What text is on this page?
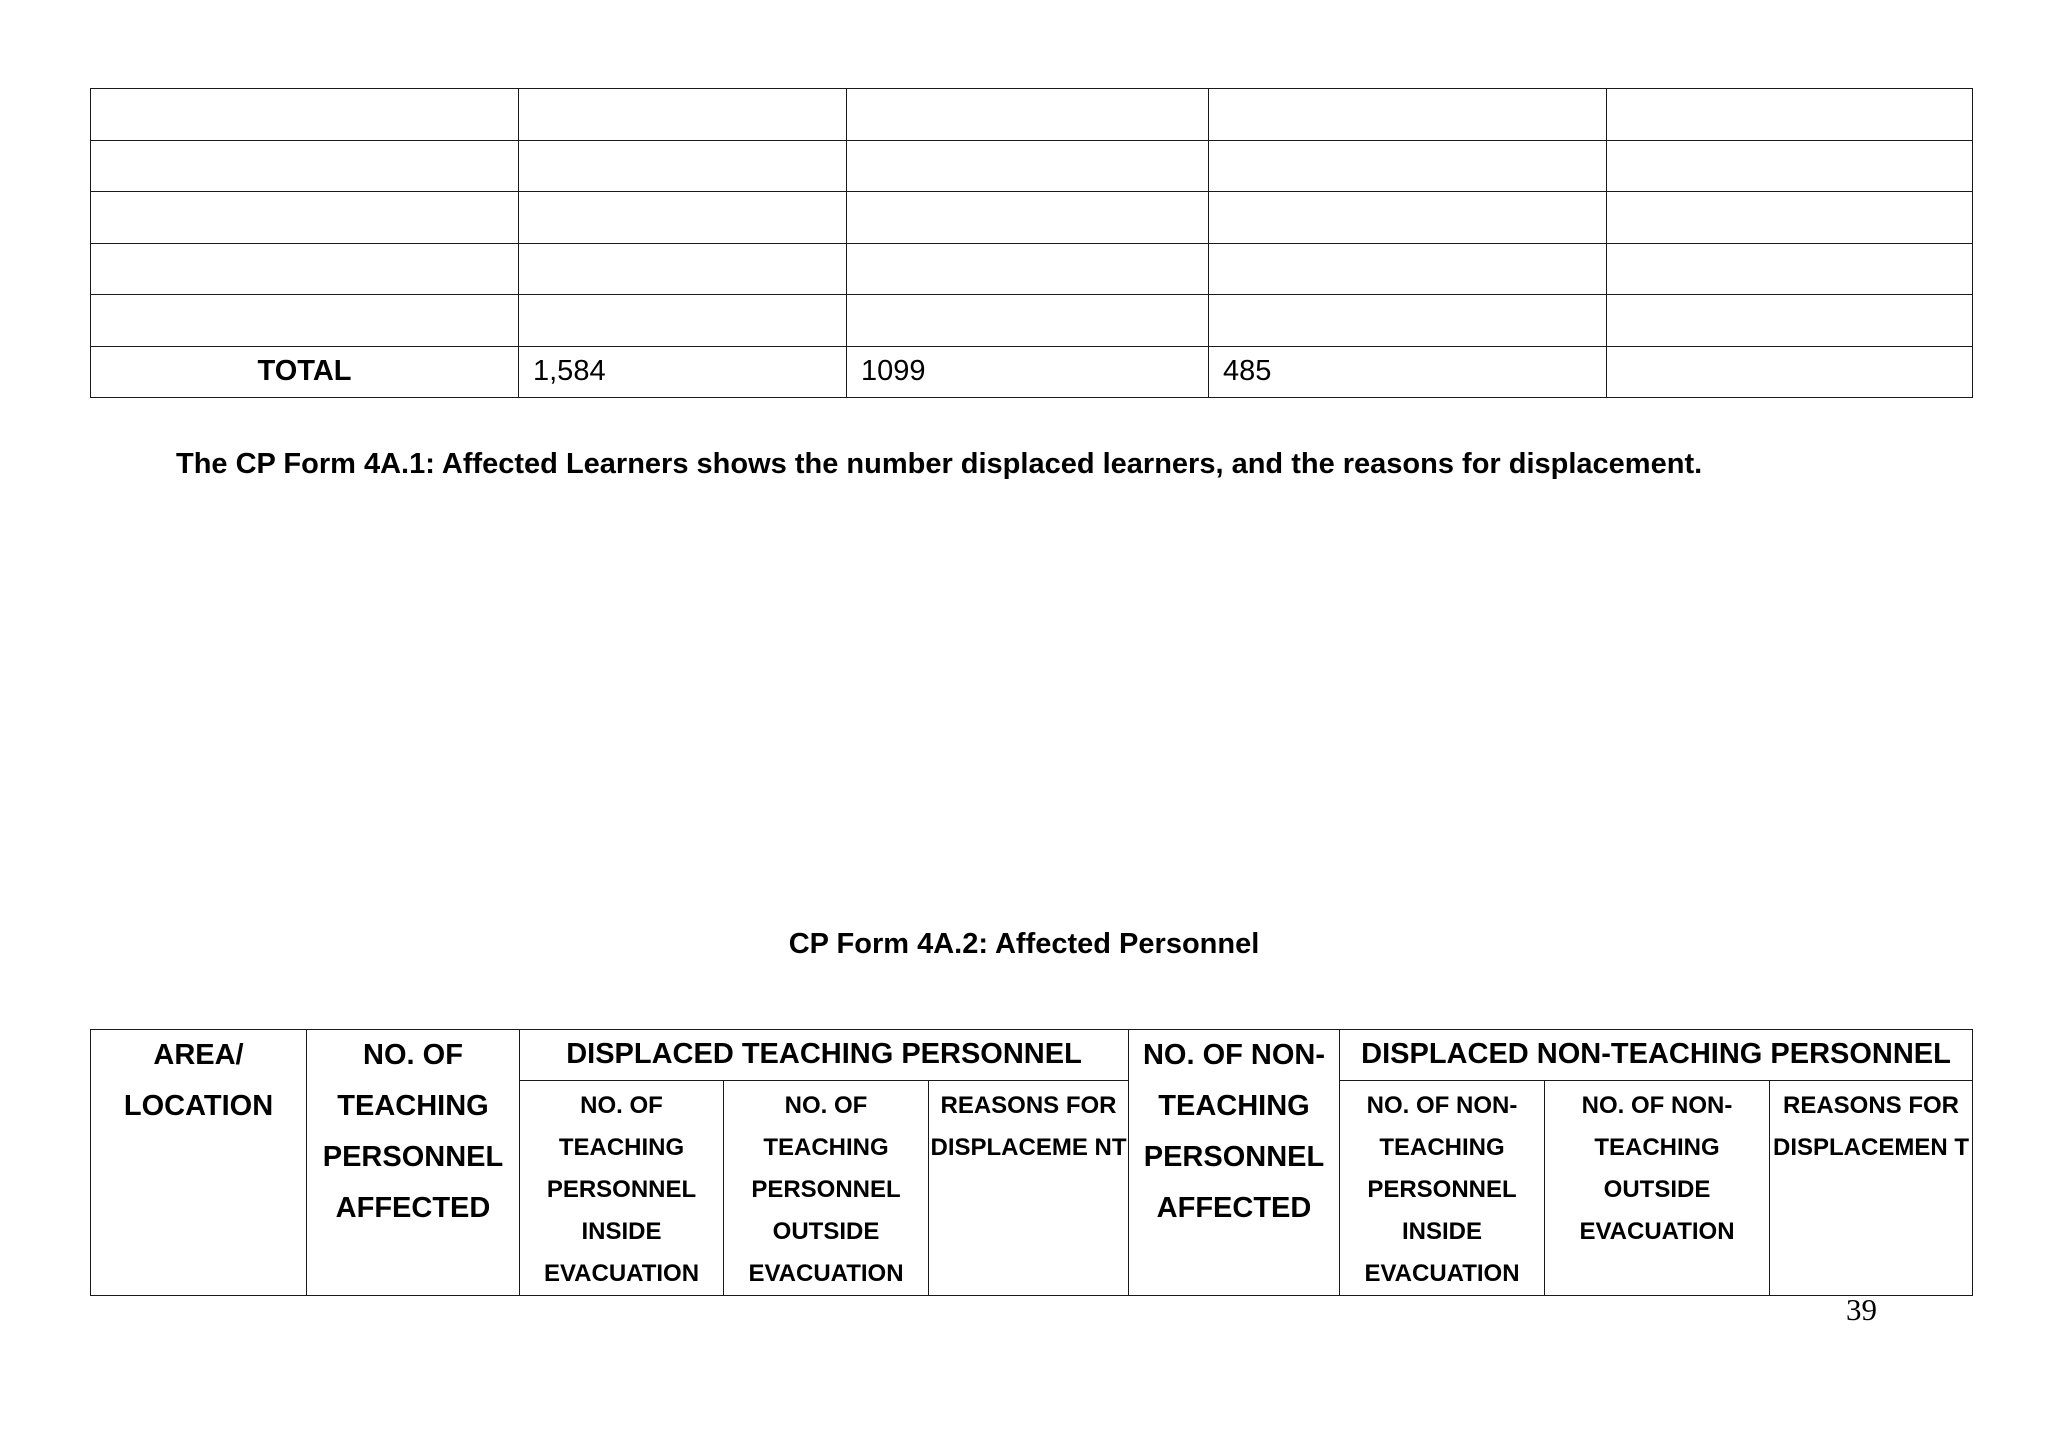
TOTAL	1,584	1099	485	
The CP Form 4A.1: Affected Learners shows the number displaced learners, and the reasons for displacement.
CP Form 4A.2: Affected Personnel
AREA/ LOCATION	NO. OF TEACHING PERSONNEL AFFECTED	DISPLACED TEACHING PERSONNEL			NO. OF NON- TEACHING PERSONNEL AFFECTED	DISPLACED NON-TEACHING PERSONNEL		
		NO. OF TEACHING PERSONNEL INSIDE EVACUATION	NO. OF TEACHING PERSONNEL OUTSIDE EVACUATION	REASONS FOR DISPLACEME NT		NO. OF NON- TEACHING PERSONNEL INSIDE EVACUATION	NO. OF NON- TEACHING OUTSIDE EVACUATION	REASONS FOR DISPLACEMEN T
39
